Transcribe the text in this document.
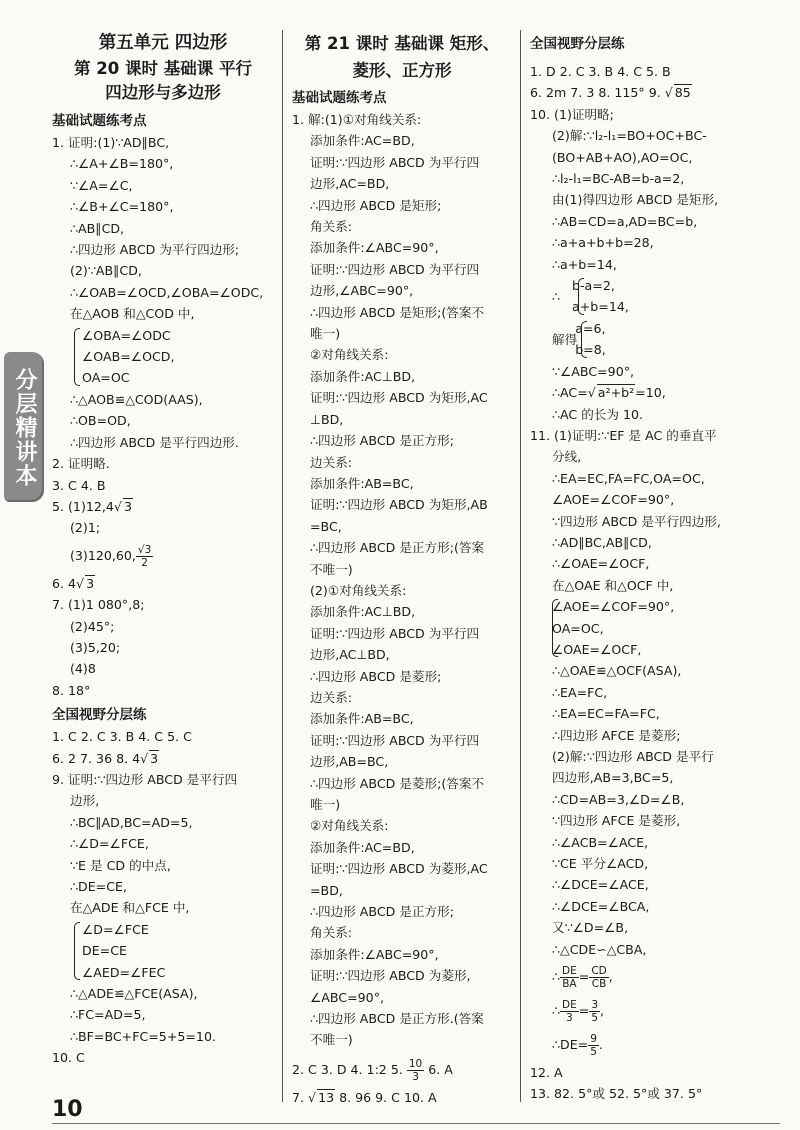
分层精讲本
第五单元 四边形
第 20 课时 基础课 平行
四边形与多边形
基础试题练考点
1. 证明:(1)∵AD∥BC,
∴∠A+∠B=180°,
∵∠A=∠C,
∴∠B+∠C=180°,
∴AB∥CD,
∴四边形 ABCD 为平行四边形;
(2)∵AB∥CD,
∴∠OAB=∠OCD,∠OBA=∠ODC,
在△AOB 和△COD 中,
∠OBA=∠ODC
∠OAB=∠OCD,
OA=OC
∴△AOB≌△COD(AAS),
∴OB=OD,
∴四边形 ABCD 是平行四边形.
2. 证明略.
3. C 4. B
5. (1)12,4√ 3
(2)1;
(3)120,60, $\frac{√3}{2}$
6. 4√ 3
7. (1)1 080°,8;
(2)45°;
(3)5,20;
(4)8
8. 18°
全国视野分层练
1. C 2. C 3. B 4. C 5. C
6. 2 7. 36 8. 4√ 3
9. 证明:∵四边形 ABCD 是平行四
边形,
∴BC∥AD,BC=AD=5,
∴∠D=∠FCE,
∵E 是 CD 的中点,
∴DE=CE,
在△ADE 和△FCE 中,
∠D=∠FCE
DE=CE
∠AED=∠FEC
∴△ADE≌△FCE(ASA),
∴FC=AD=5,
∴BF=BC+FC=5+5=10.
10. C
第 21 课时 基础课 矩形、
菱形、正方形
基础试题练考点
1. 解:(1)①对角线关系:
添加条件:AC=BD,
证明:∵四边形 ABCD 为平行四
边形,AC=BD,
∴四边形 ABCD 是矩形;
角关系:
添加条件:∠ABC=90°,
证明:∵四边形 ABCD 为平行四
边形,∠ABC=90°,
∴四边形 ABCD 是矩形;(答案不
唯一)
②对角线关系:
添加条件:AC⊥BD,
证明:∵四边形 ABCD 为矩形,AC
⊥BD,
∴四边形 ABCD 是正方形;
边关系:
添加条件:AB=BC,
证明:∵四边形 ABCD 为矩形,AB
=BC,
∴四边形 ABCD 是正方形;(答案
不唯一)
(2)①对角线关系:
添加条件:AC⊥BD,
证明:∵四边形 ABCD 为平行四
边形,AC⊥BD,
∴四边形 ABCD 是菱形;
边关系:
添加条件:AB=BC,
证明:∵四边形 ABCD 为平行四
边形,AB=BC,
∴四边形 ABCD 是菱形;(答案不
唯一)
②对角线关系:
添加条件:AC=BD,
证明:∵四边形 ABCD 为菱形,AC
=BD,
∴四边形 ABCD 是正方形;
角关系:
添加条件:∠ABC=90°,
证明:∵四边形 ABCD 为菱形,
∠ABC=90°,
∴四边形 ABCD 是正方形.(答案
不唯一)
2. C 3. D 4. 1:2 5. $\frac{10}{3} 6$. A
7. √ 13 8. 96 9. C 10. A
全国视野分层练
1. D 2. C 3. B 4. C 5. B
6. 2m 7. 3 8. 115° 9. √ 85
10. (1)证明略;
(2)解:∵l₂-l₁=BO+OC+BC-
(BO+AB+AO),AO=OC,
∴l₂-l₁=BC-AB=b-a=2,
由(1)得四边形 ABCD 是矩形,
∴AB=CD=a,AD=BC=b,
∴a+a+b+b=28,
∴a+b=14,
∴
b-a=2,
a+b=14,
解得
a=6,
b=8,
∵∠ABC=90°,
∴AC=√ a²+b²=10,
∴AC 的长为 10.
11. (1)证明:∵EF 是 AC 的垂直平
分线,
∴EA=EC,FA=FC,OA=OC,
∠AOE=∠COF=90°,
∵四边形 ABCD 是平行四边形,
∴AD∥BC,AB∥CD,
∴∠OAE=∠OCF,
在△OAE 和△OCF 中,
∠AOE=∠COF=90°,
OA=OC,
∠OAE=∠OCF,
∴△OAE≌△OCF(ASA),
∴EA=FC,
∴EA=EC=FA=FC,
∴四边形 AFCE 是菱形;
(2)解:∵四边形 ABCD 是平行
四边形,AB=3,BC=5,
∴CD=AB=3,∠D=∠B,
∵四边形 AFCE 是菱形,
∴∠ACB=∠ACE,
∵CE 平分∠ACD,
∴∠DCE=∠ACE,
∴∠DCE=∠BCA,
又∵∠D=∠B,
∴△CDE∽△CBA,
∴ $\frac{DE}{BA} = \frac{CD}{CB}$ ,
∴ $\frac{DE}{3} = \frac{3}{5}$ ,
∴DE= $\frac{9}{5}$ .
12. A
13. 82. 5°或 52. 5°或 37. 5°
10
